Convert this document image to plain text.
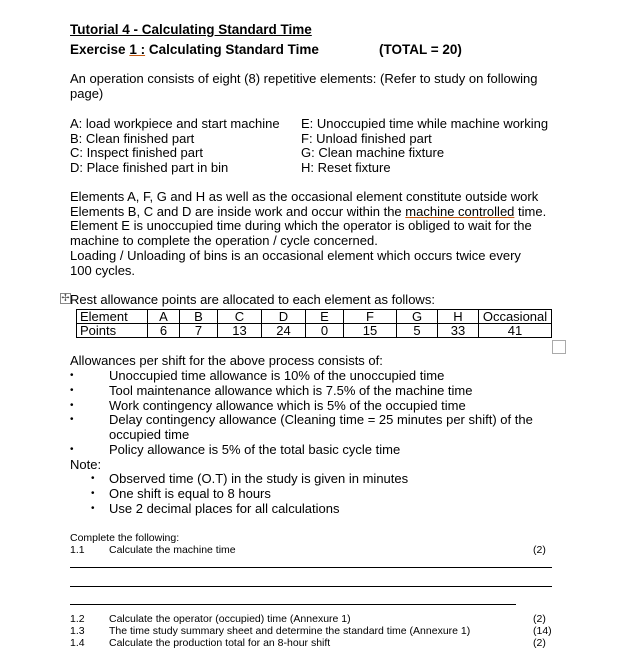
Tutorial 4 - Calculating Standard Time
Exercise 1 : Calculating Standard Time	(TOTAL = 20)
An operation consists of eight (8) repetitive elements: (Refer to study on following page)
A: load workpiece and start machine
B: Clean finished part
C: Inspect finished part
D: Place finished part in bin
E: Unoccupied time while machine working
F: Unload finished part
G: Clean machine fixture
H: Reset fixture
Elements A, F, G and H as well as the occasional element constitute outside work
Elements B, C and D are inside work and occur within the machine controlled time.
Element E is unoccupied time during which the operator is obliged to wait for the machine to complete the operation / cycle concerned.
Loading / Unloading of bins is an occasional element which occurs twice every 100 cycles.
✢ Rest allowance points are allocated to each element as follows:
Element	A	B	C	D	E	F	G	H	Occasional
Points	6	7	13	24	0	15	5	33	41
Allowances per shift for the above process consists of:
•	Unoccupied time allowance is 10% of the unoccupied time
•	Tool maintenance allowance which is 7.5% of the machine time
•	Work contingency allowance which is 5% of the occupied time
•	Delay contingency allowance (Cleaning time = 25 minutes per shift) of the occupied time
•	Policy allowance is 5% of the total basic cycle time
Note:
• Observed time (O.T) in the study is given in minutes
• One shift is equal to 8 hours
• Use 2 decimal places for all calculations
Complete the following:
1.1 Calculate the machine time	(2)
1.2 Calculate the operator (occupied) time (Annexure 1)	(2)
1.3 The time study summary sheet and determine the standard time (Annexure 1)	(14)
1.4 Calculate the production total for an 8-hour shift	(2)
